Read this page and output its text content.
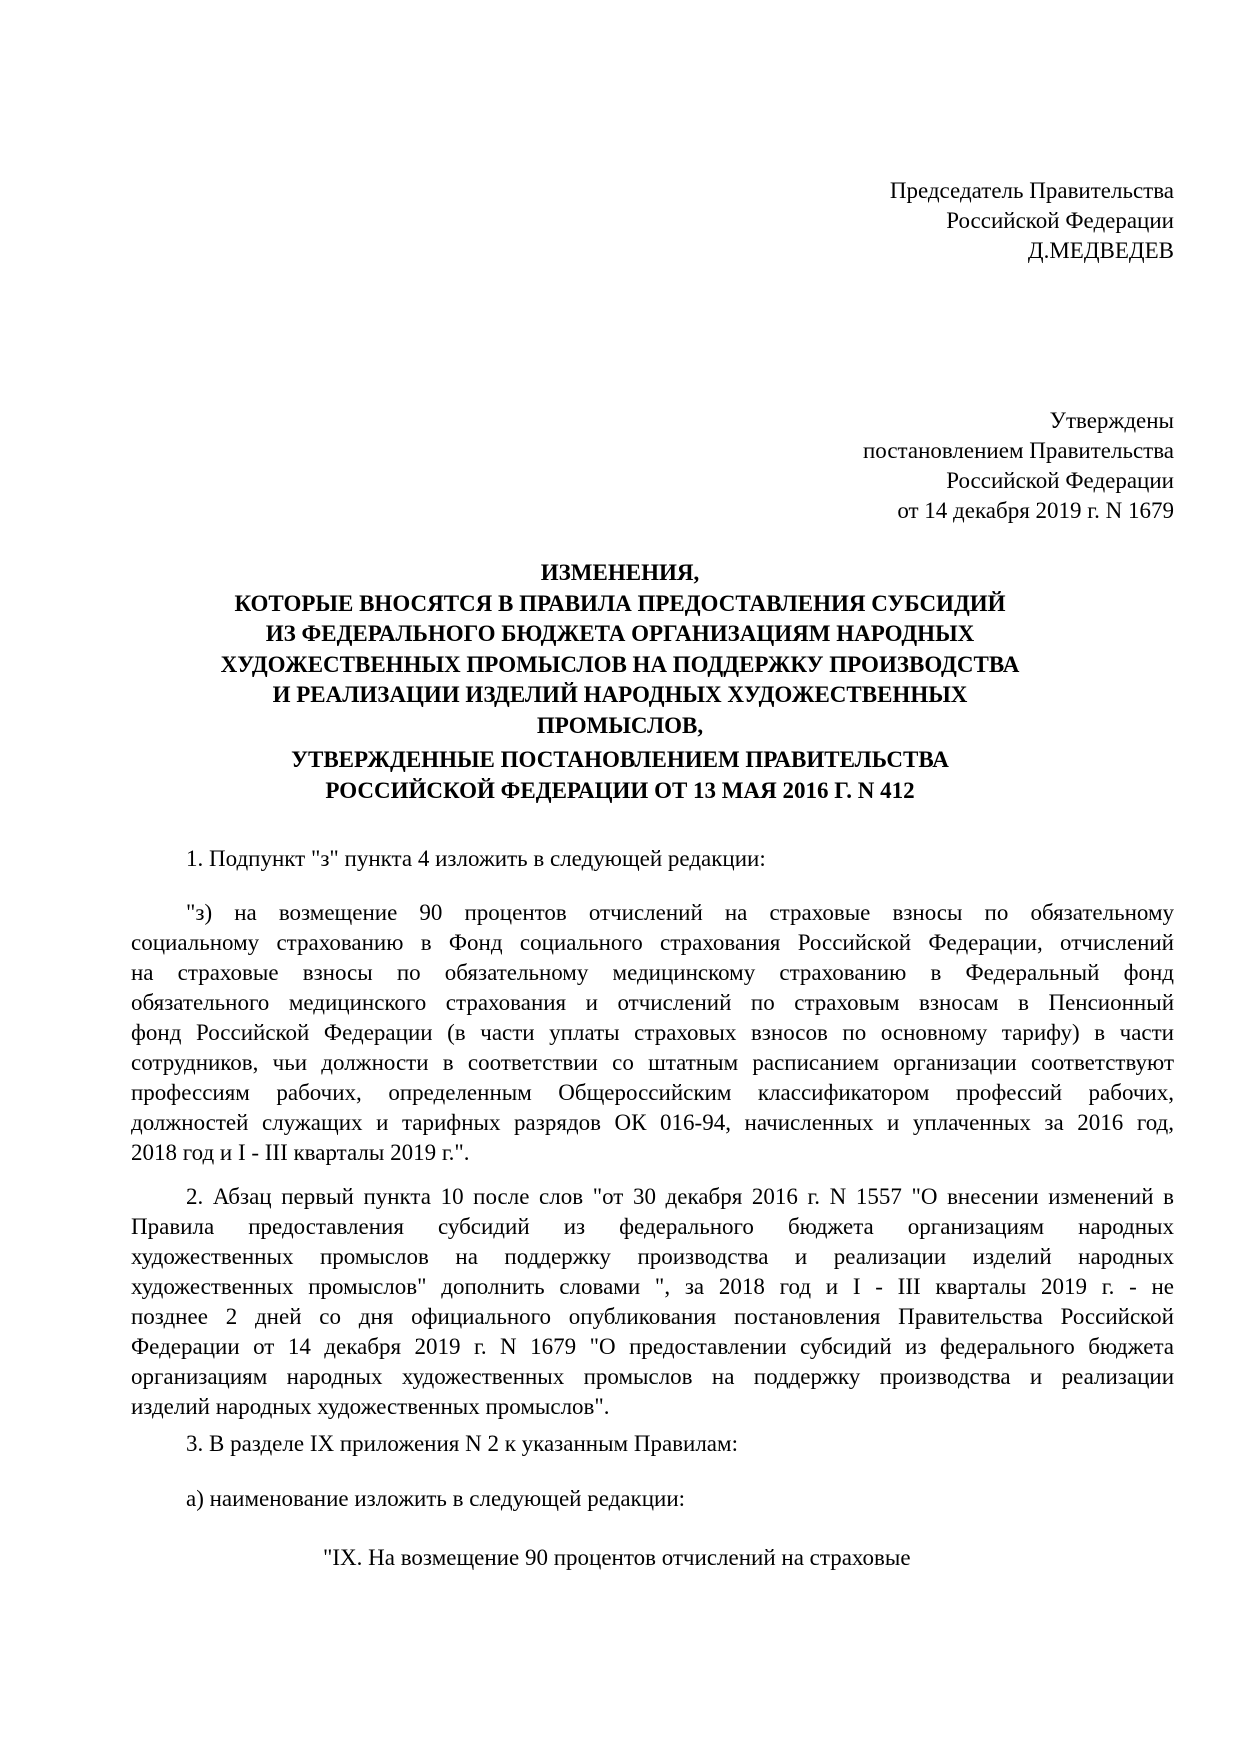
Председатель Правительства
Российской Федерации
Д.МЕДВЕДЕВ
Утверждены
постановлением Правительства
Российской Федерации
от 14 декабря 2019 г. N 1679
ИЗМЕНЕНИЯ,
КОТОРЫЕ ВНОСЯТСЯ В ПРАВИЛА ПРЕДОСТАВЛЕНИЯ СУБСИДИЙ
ИЗ ФЕДЕРАЛЬНОГО БЮДЖЕТА ОРГАНИЗАЦИЯМ НАРОДНЫХ
ХУДОЖЕСТВЕННЫХ ПРОМЫСЛОВ НА ПОДДЕРЖКУ ПРОИЗВОДСТВА
И РЕАЛИЗАЦИИ ИЗДЕЛИЙ НАРОДНЫХ ХУДОЖЕСТВЕННЫХ
ПРОМЫСЛОВ,
УТВЕРЖДЕННЫЕ ПОСТАНОВЛЕНИЕМ ПРАВИТЕЛЬСТВА
РОССИЙСКОЙ ФЕДЕРАЦИИ ОТ 13 МАЯ 2016 Г. N 412
1. Подпункт "з" пункта 4 изложить в следующей редакции:
"з) на возмещение 90 процентов отчислений на страховые взносы по обязательному
социальному страхованию в Фонд социального страхования Российской Федерации, отчислений
на страховые взносы по обязательному медицинскому страхованию в Федеральный фонд
обязательного медицинского страхования и отчислений по страховым взносам в Пенсионный
фонд Российской Федерации (в части уплаты страховых взносов по основному тарифу) в части
сотрудников, чьи должности в соответствии со штатным расписанием организации соответствуют
профессиям рабочих, определенным Общероссийским классификатором профессий рабочих,
должностей служащих и тарифных разрядов ОК 016-94, начисленных и уплаченных за 2016 год,
2018 год и I - III кварталы 2019 г.".
2. Абзац первый пункта 10 после слов "от 30 декабря 2016 г. N 1557 "О внесении изменений в
Правила предоставления субсидий из федерального бюджета организациям народных
художественных промыслов на поддержку производства и реализации изделий народных
художественных промыслов" дополнить словами ", за 2018 год и I - III кварталы 2019 г. - не
позднее 2 дней со дня официального опубликования постановления Правительства Российской
Федерации от 14 декабря 2019 г. N 1679 "О предоставлении субсидий из федерального бюджета
организациям народных художественных промыслов на поддержку производства и реализации
изделий народных художественных промыслов".
3. В разделе IX приложения N 2 к указанным Правилам:
а) наименование изложить в следующей редакции:
"IX. На возмещение 90 процентов отчислений на страховые
